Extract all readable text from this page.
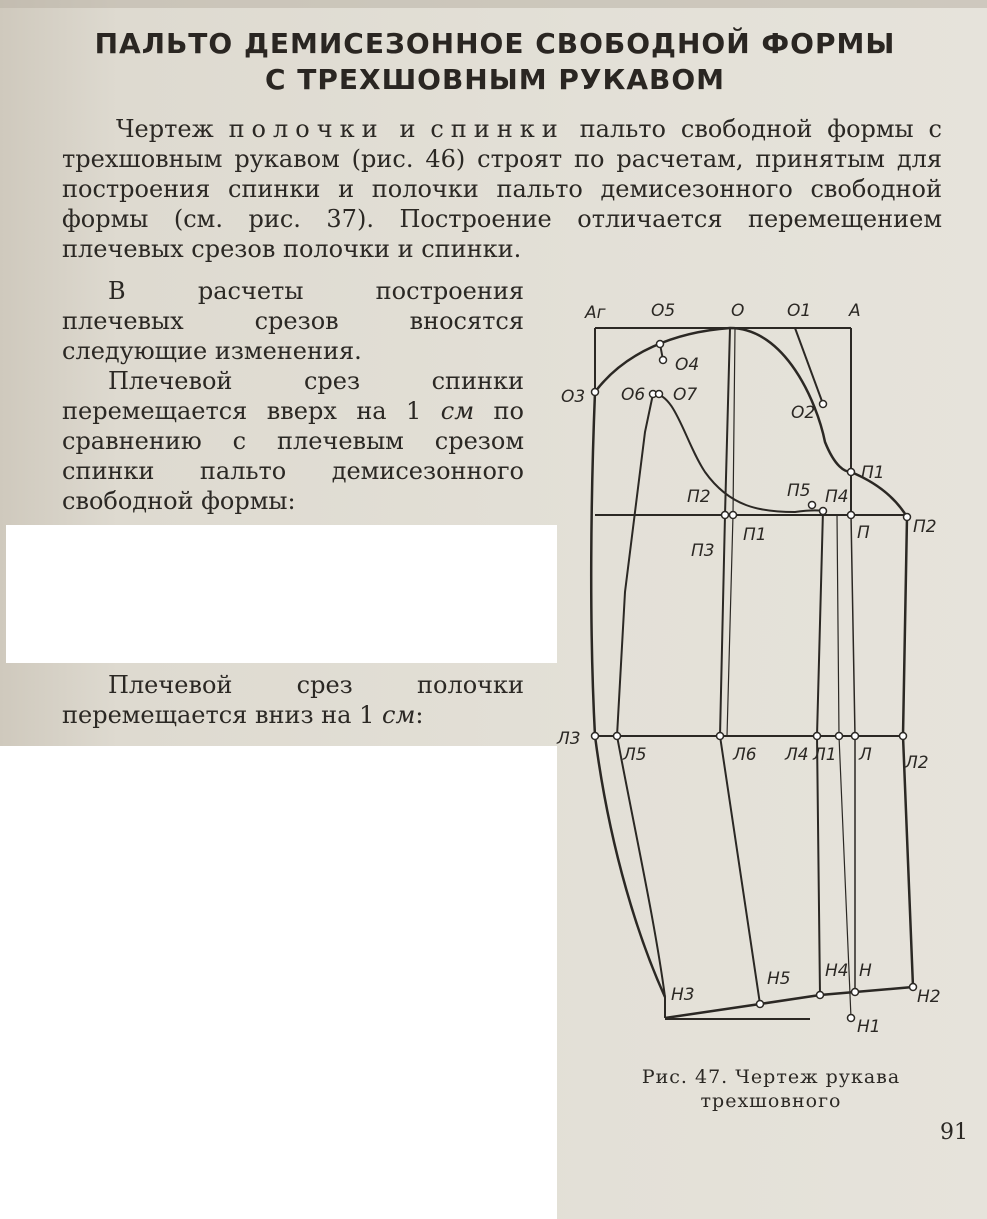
ПАЛЬТО ДЕМИСЕЗОННОЕ СВОБОДНОЙ ФОРМЫ
С ТРЕХШОВНЫМ РУКАВОМ
Чертеж полочки и спинки пальто свободной формы с трехшовным рукавом (рис. 46) строят по расчетам, принятым для построения спинки и полочки пальто демисезонного свободной формы (см. рис. 37). Построение отличается перемещением плечевых срезов полочки и спинки.
В расчеты построения плечевых срезов вносятся следующие изменения.
Плечевой срез спинки перемещается вверх на 1 см по сравнению с плечевым срезом спинки пальто демисезонного свободной формы:
Плечевой срез полочки перемещается вниз на 1 см:
Аг	О5	О	О1 А
О4
О3 О6 О7
О2
П1
П5 П4
П2
П2
П
П3
П1
Л3
Л5	Л6 Л4 Л1 Л Л2
Н3
Н5 Н4 Н
Н2
Н1
Рис. 47. Чертеж рукава трехшовного
91
